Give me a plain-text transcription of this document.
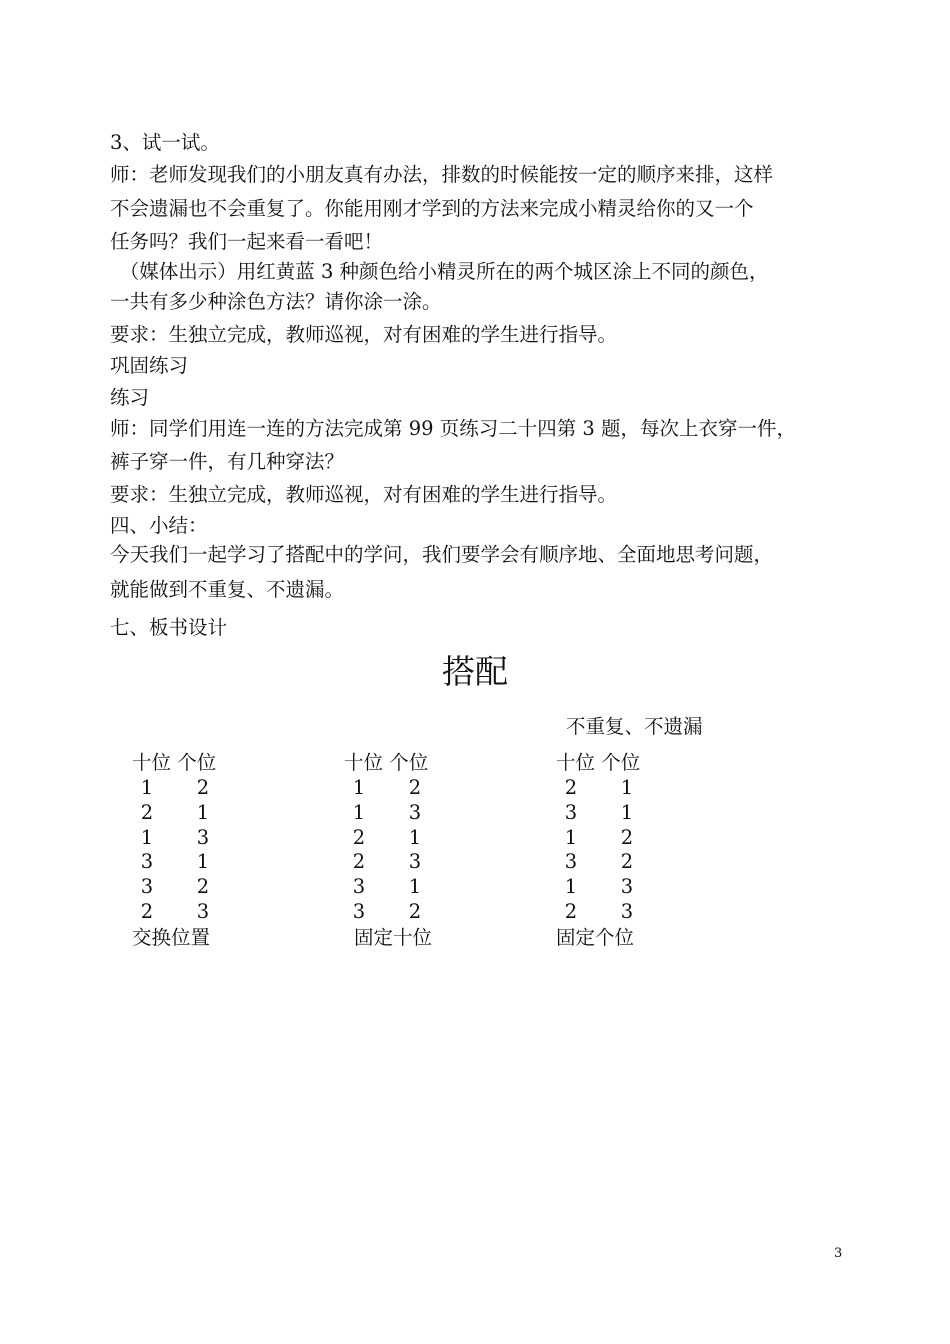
3、试一试。
师：老师发现我们的小朋友真有办法，排数的时候能按一定的顺序来排，这样
不会遗漏也不会重复了。你能用刚才学到的方法来完成小精灵给你的又一个
任务吗？我们一起来看一看吧！
　（媒体出示）用红黄蓝 3 种颜色给小精灵所在的两个城区涂上不同的颜色，
一共有多少种涂色方法？请你涂一涂。
要求：生独立完成，教师巡视，对有困难的学生进行指导。
巩固练习
练习
师：同学们用连一连的方法完成第 99 页练习二十四第 3 题，每次上衣穿一件，
裤子穿一件，有几种穿法？
要求：生独立完成，教师巡视，对有困难的学生进行指导。
四、小结：
今天我们一起学习了搭配中的学问，我们要学会有顺序地、全面地思考问题，
就能做到不重复、不遗漏。
七、板书设计
搭配
不重复、不遗漏
十位 个位
1 2
2 1
1 3
3 1
3 2
2 3
交换位置
十位 个位
1 2
1 3
2 1
2 3
3 1
3 2
固定十位
十位 个位
2 1
3 1
1 2
3 2
1 3
2 3
固定个位
3
